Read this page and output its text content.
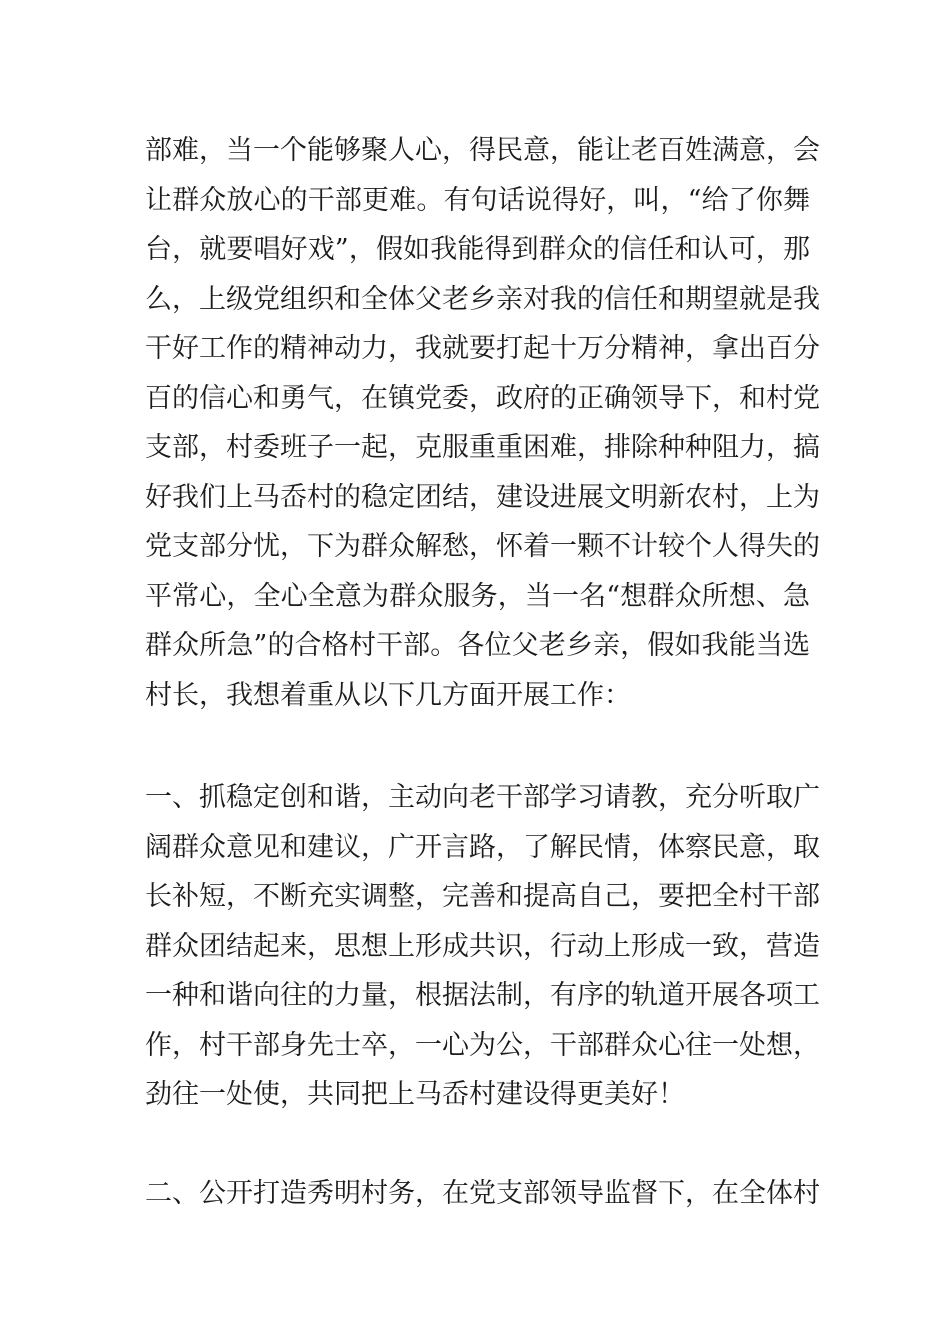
部难，当一个能够聚人心，得民意，能让老百姓满意，会
让群众放心的干部更难。有句话说得好，叫，“给了你舞
台，就要唱好戏”，假如我能得到群众的信任和认可，那
么，上级党组织和全体父老乡亲对我的信任和期望就是我
干好工作的精神动力，我就要打起十万分精神，拿出百分
百的信心和勇气，在镇党委，政府的正确领导下，和村党
支部，村委班子一起，克服重重困难，排除种种阻力，搞
好我们上马岙村的稳定团结，建设进展文明新农村，上为
党支部分忧，下为群众解愁，怀着一颗不计较个人得失的
平常心，全心全意为群众服务，当一名“想群众所想、急
群众所急”的合格村干部。各位父老乡亲，假如我能当选
村长，我想着重从以下几方面开展工作：
一、抓稳定创和谐，主动向老干部学习请教，充分听取广
阔群众意见和建议，广开言路，了解民情，体察民意，取
长补短，不断充实调整，完善和提高自己，要把全村干部
群众团结起来，思想上形成共识，行动上形成一致，营造
一种和谐向往的力量，根据法制，有序的轨道开展各项工
作，村干部身先士卒，一心为公，干部群众心往一处想，
劲往一处使，共同把上马岙村建设得更美好！
二、公开打造秀明村务，在党支部领导监督下，在全体村
